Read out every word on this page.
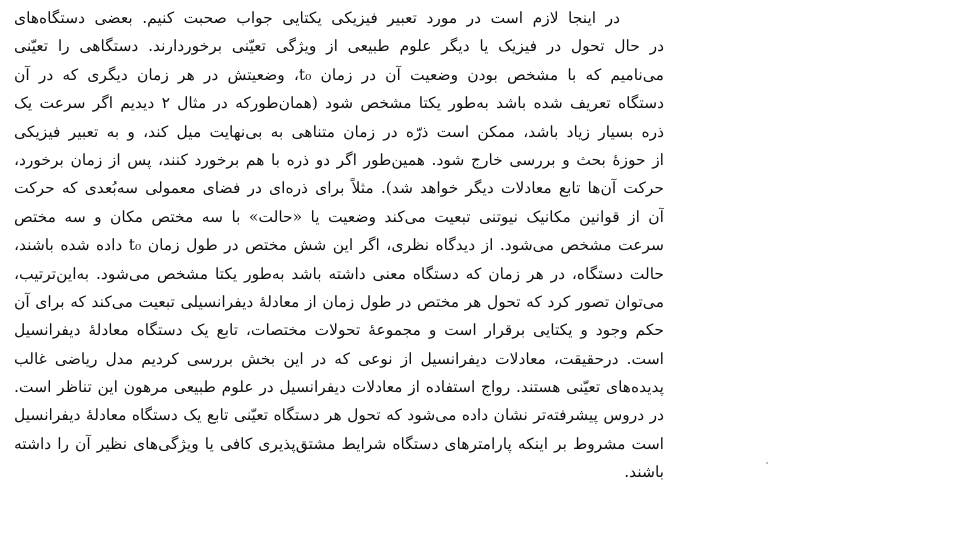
در اینجا لازم است در مورد تعبیر فیزیکی یکتایی جواب صحبت کنیم. بعضی دستگاه‌های
در حال تحول در فیزیک یا دیگر علوم طبیعی از ویژگی تعیّنی برخوردارند. دستگاهی را تعیّنی
می‌نامیم که با مشخص بودن وضعیت آن در زمان t₀، وضعیتش در هر زمان دیگری که در آن
دستگاه تعریف شده باشد به‌طور یکتا مشخص شود (همان‌طورکه در مثال ۲ دیدیم اگر سرعت یک
ذره بسیار زیاد باشد، ممکن است ذرّه در زمان متناهی به بی‌نهایت میل کند، و به تعبیر فیزیکی
از حوزهٔ بحث و بررسی خارج شود. همین‌طور اگر دو ذره با هم برخورد کنند، پس از زمان برخورد،
حرکت آن‌ها تابع معادلات دیگر خواهد شد). مثلاً برای ذره‌ای در فضای معمولی سه‌بُعدی که حرکت
آن از قوانین مکانیک نیوتنی تبعیت می‌کند وضعیت یا «حالت» با سه مختص مکان و سه مختص
سرعت مشخص می‌شود. از دیدگاه نظری، اگر این شش مختص در طول زمان t₀ داده شده باشند،
حالت دستگاه، در هر زمان که دستگاه معنی داشته باشد به‌طور یکتا مشخص می‌شود. به‌این‌ترتیب،
می‌توان تصور کرد که تحول هر مختص در طول زمان از معادلهٔ دیفرانسیلی تبعیت می‌کند که برای آن
حکم وجود و یکتایی برقرار است و مجموعهٔ تحولات مختصات، تابع یک دستگاه معادلهٔ دیفرانسیل
است. درحقیقت، معادلات دیفرانسیل از نوعی که در این بخش بررسی کردیم مدل ریاضی غالب
پدیده‌های تعیّنی هستند. رواج استفاده از معادلات دیفرانسیل در علوم طبیعی مرهون این تناظر است.
در دروس پیشرفته‌تر نشان داده می‌شود که تحول هر دستگاه تعیّنی تابع یک دستگاه معادلهٔ دیفرانسیل
است مشروط بر اینکه پارامترهای دستگاه شرایط مشتق‌پذیری کافی یا ویژگی‌های نظیر آن را داشته
باشند.
